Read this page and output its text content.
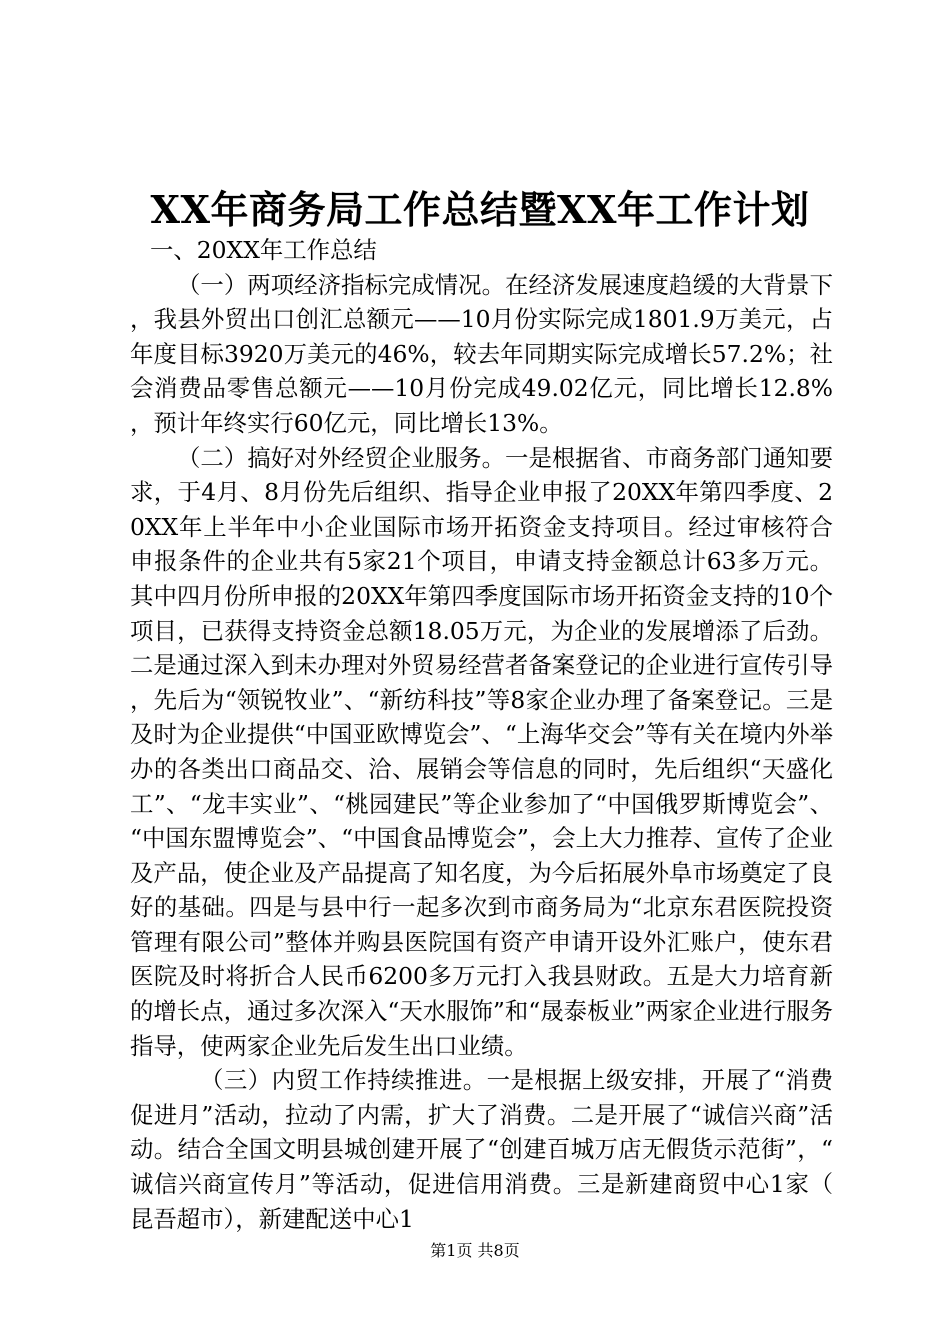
XX年商务局工作总结暨XX年工作计划

一、20XX年工作总结

（一）两项经济指标完成情况。在经济发展速度趋缓的大背景下，我县外贸出口创汇总额元——10月份实际完成1801.9万美元，占年度目标3920万美元的46%，较去年同期实际完成增长57.2%；社会消费品零售总额元——10月份完成49.02亿元，同比增长12.8%，预计年终实行60亿元，同比增长13%。

（二）搞好对外经贸企业服务。一是根据省、市商务部门通知要求，于4月、8月份先后组织、指导企业申报了20XX年第四季度、20XX年上半年中小企业国际市场开拓资金支持项目。经过审核符合申报条件的企业共有5家21个项目，申请支持金额总计63多万元。其中四月份所申报的20XX年第四季度国际市场开拓资金支持的10个项目，已获得支持资金总额18.05万元，为企业的发展增添了后劲。二是通过深入到未办理对外贸易经营者备案登记的企业进行宣传引导，先后为“领锐牧业”、“新纺科技”等8家企业办理了备案登记。三是及时为企业提供“中国亚欧博览会”、“上海华交会”等有关在境内外举办的各类出口商品交、洽、展销会等信息的同时，先后组织“天盛化工”、“龙丰实业”、“桃园建民”等企业参加了“中国俄罗斯博览会”、“中国东盟博览会”、“中国食品博览会”，会上大力推荐、宣传了企业及产品，使企业及产品提高了知名度，为今后拓展外阜市场奠定了良好的基础。四是与县中行一起多次到市商务局为“北京东君医院投资管理有限公司”整体并购县医院国有资产申请开设外汇账户，使东君医院及时将折合人民币6200多万元打入我县财政。五是大力培育新的增长点，通过多次深入“天水服饰”和“晟泰板业”两家企业进行服务指导，使两家企业先后发生出口业绩。

（三）内贸工作持续推进。一是根据上级安排，开展了“消费促进月”活动，拉动了内需，扩大了消费。二是开展了“诚信兴商”活动。结合全国文明县城创建开展了“创建百城万店无假货示范街”，“诚信兴商宣传月”等活动，促进信用消费。三是新建商贸中心1家（昆吾超市），新建配送中心1

第1页 共8页
